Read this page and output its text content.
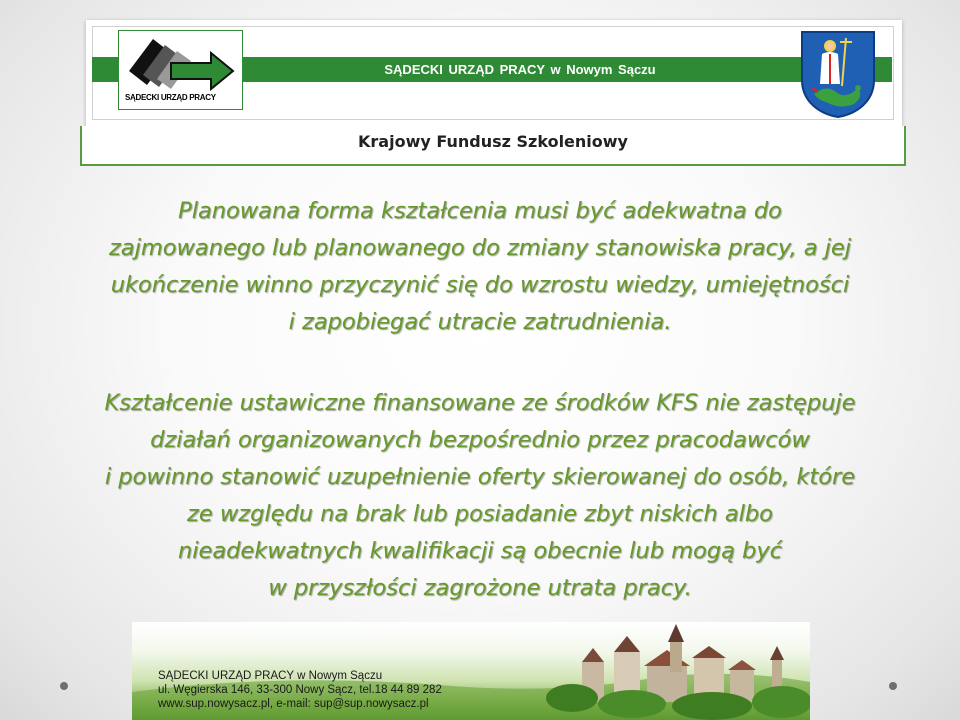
SĄDECKI URZĄD PRACY w Nowym Sączu
SĄDECKI URZĄD PRACY
Krajowy Fundusz Szkoleniowy
Planowana forma kształcenia musi być adekwatna do
zajmowanego lub planowanego do zmiany stanowiska pracy, a jej
ukończenie winno przyczynić się do wzrostu wiedzy, umiejętności
i zapobiegać utracie zatrudnienia.
Kształcenie ustawiczne finansowane ze środków KFS nie zastępuje
działań organizowanych bezpośrednio przez pracodawców
i powinno stanowić uzupełnienie oferty skierowanej do osób, które
ze względu na brak lub posiadanie zbyt niskich albo
nieadekwatnych kwalifikacji są obecnie lub mogą być
w przyszłości zagrożone utrata pracy.
SĄDECKI URZĄD PRACY w Nowym Sączu
ul. Węgierska 146, 33-300 Nowy Sącz, tel.18 44 89 282
www.sup.nowysacz.pl, e-mail: sup@sup.nowysacz.pl
